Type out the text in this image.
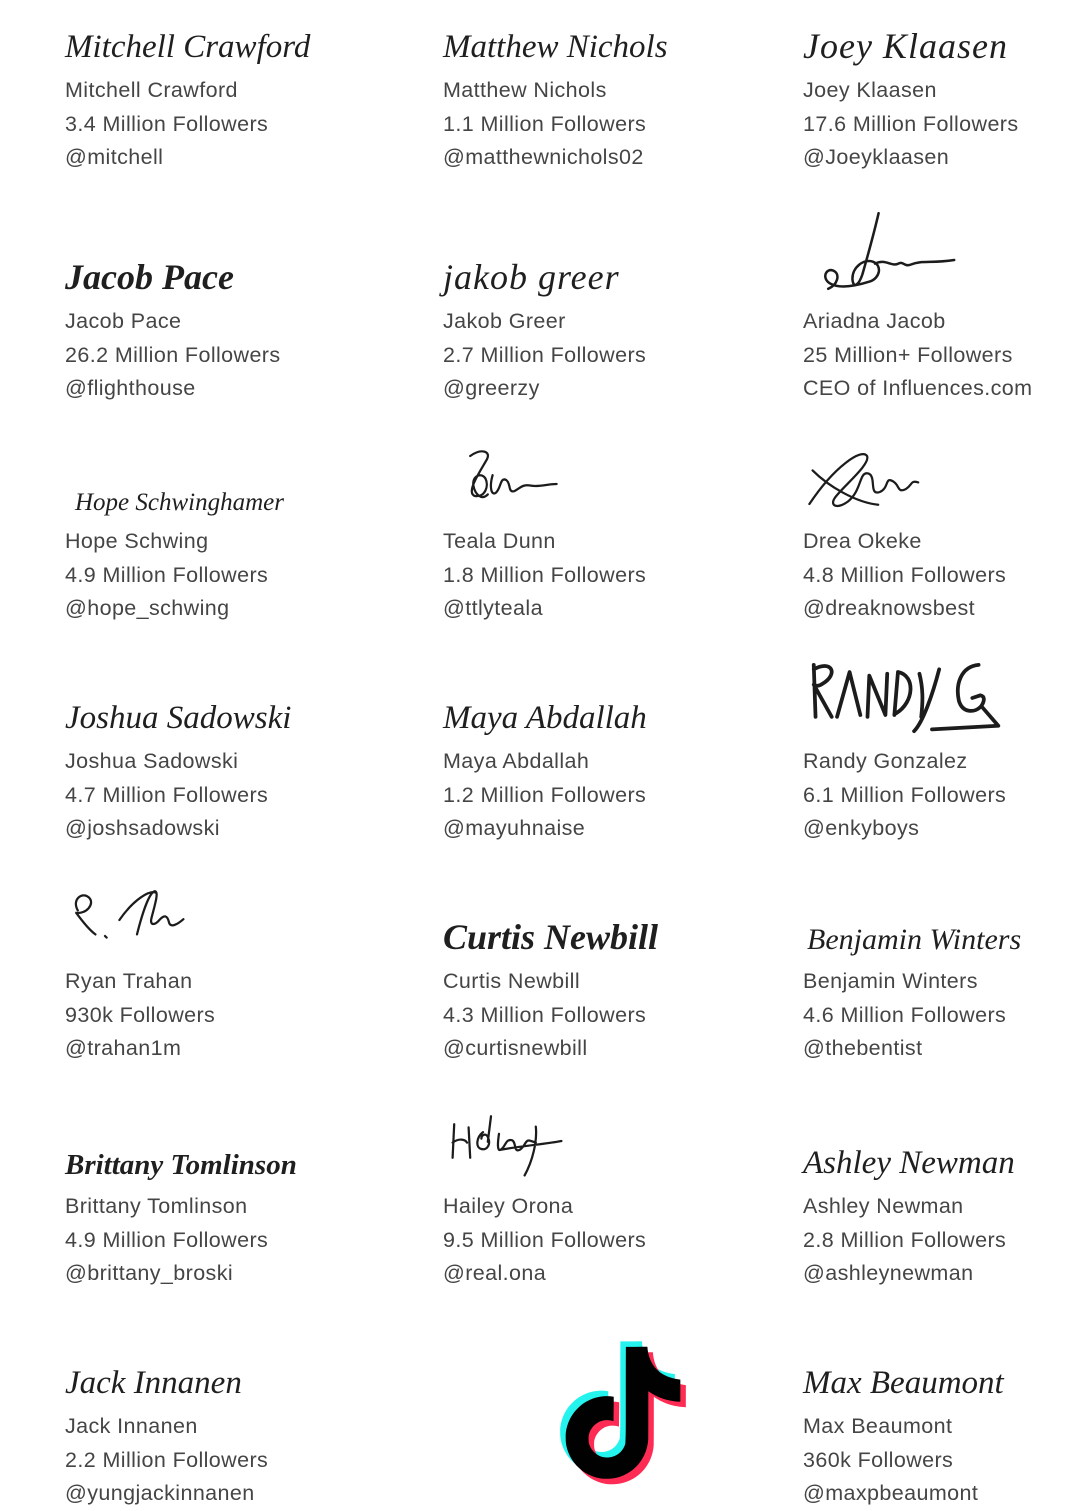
Mitchell Crawford
Mitchell Crawford
3.4 Million Followers
@mitchell
Matthew Nichols
Matthew Nichols
1.1 Million Followers
@matthewnichols02
Joey Klaasen
Joey Klaasen
17.6 Million Followers
@Joeyklaasen
Jacob Pace
Jacob Pace
26.2 Million Followers
@flighthouse
jakob greer
Jakob Greer
2.7 Million Followers
@greerzy
Ariadna Jacob
25 Million+ Followers
CEO of Influences.com
Hope Schwinghamer
Hope Schwing
4.9 Million Followers
@hope_schwing
Teala Dunn
1.8 Million Followers
@ttlyteala
Drea Okeke
4.8 Million Followers
@dreaknowsbest
Joshua Sadowski
Joshua Sadowski
4.7 Million Followers
@joshsadowski
Maya Abdallah
Maya Abdallah
1.2 Million Followers
@mayuhnaise
Randy Gonzalez
6.1 Million Followers
@enkyboys
Ryan Trahan
930k Followers
@trahan1m
Curtis Newbill
Curtis Newbill
4.3 Million Followers
@curtisnewbill
Benjamin Winters
Benjamin Winters
4.6 Million Followers
@thebentist
Brittany Tomlinson
Brittany Tomlinson
4.9 Million Followers
@brittany_broski
Hailey Orona
9.5 Million Followers
@real.ona
Ashley Newman
Ashley Newman
2.8 Million Followers
@ashleynewman
Jack Innanen
Jack Innanen
2.2 Million Followers
@yungjackinnanen
Max Beaumont
Max Beaumont
360k Followers
@maxpbeaumont
